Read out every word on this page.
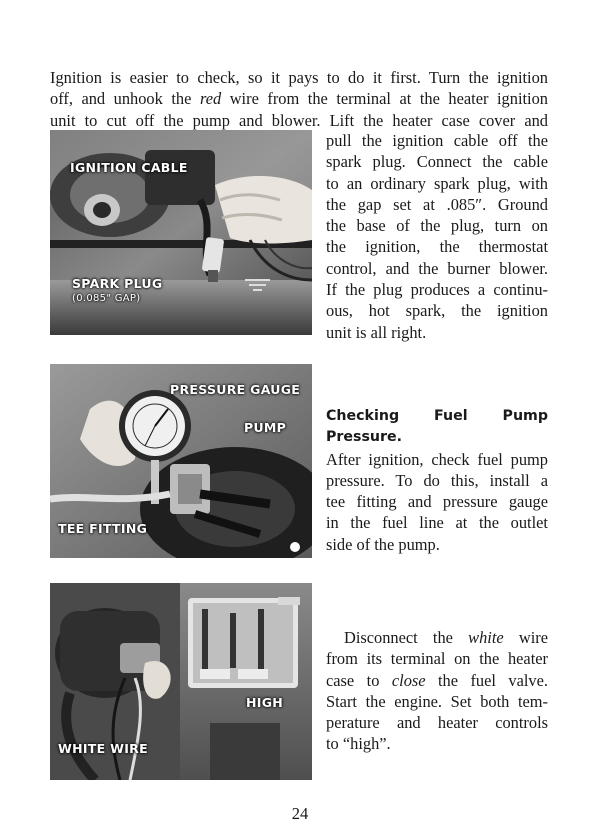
Ignition is easier to check, so it pays to do it first. Turn the ignition
off, and unhook the red wire from the terminal at the heater ignition
unit to cut off the pump and blower. Lift the heater case cover and
pull the ignition cable off the
spark plug. Connect the cable
to an ordinary spark plug, with
the gap set at .085″. Ground
the base of the plug, turn on
the ignition, the thermostat
control, and the burner blower.
If the plug produces a continu-
ous, hot spark, the ignition
unit is all right.
IGNITION CABLE
SPARK PLUG
(0.085" GAP)
PRESSURE GAUGE
PUMP
TEE FITTING
HIGH
WHITE WIRE
Checking Fuel Pump Pressure.
After ignition, check fuel pump
pressure. To do this, install a
tee fitting and pressure gauge
in the fuel line at the outlet
side of the pump.
Disconnect the white wire
from its terminal on the heater
case to close the fuel valve.
Start the engine. Set both tem-
perature and heater controls
to “high”.
24
